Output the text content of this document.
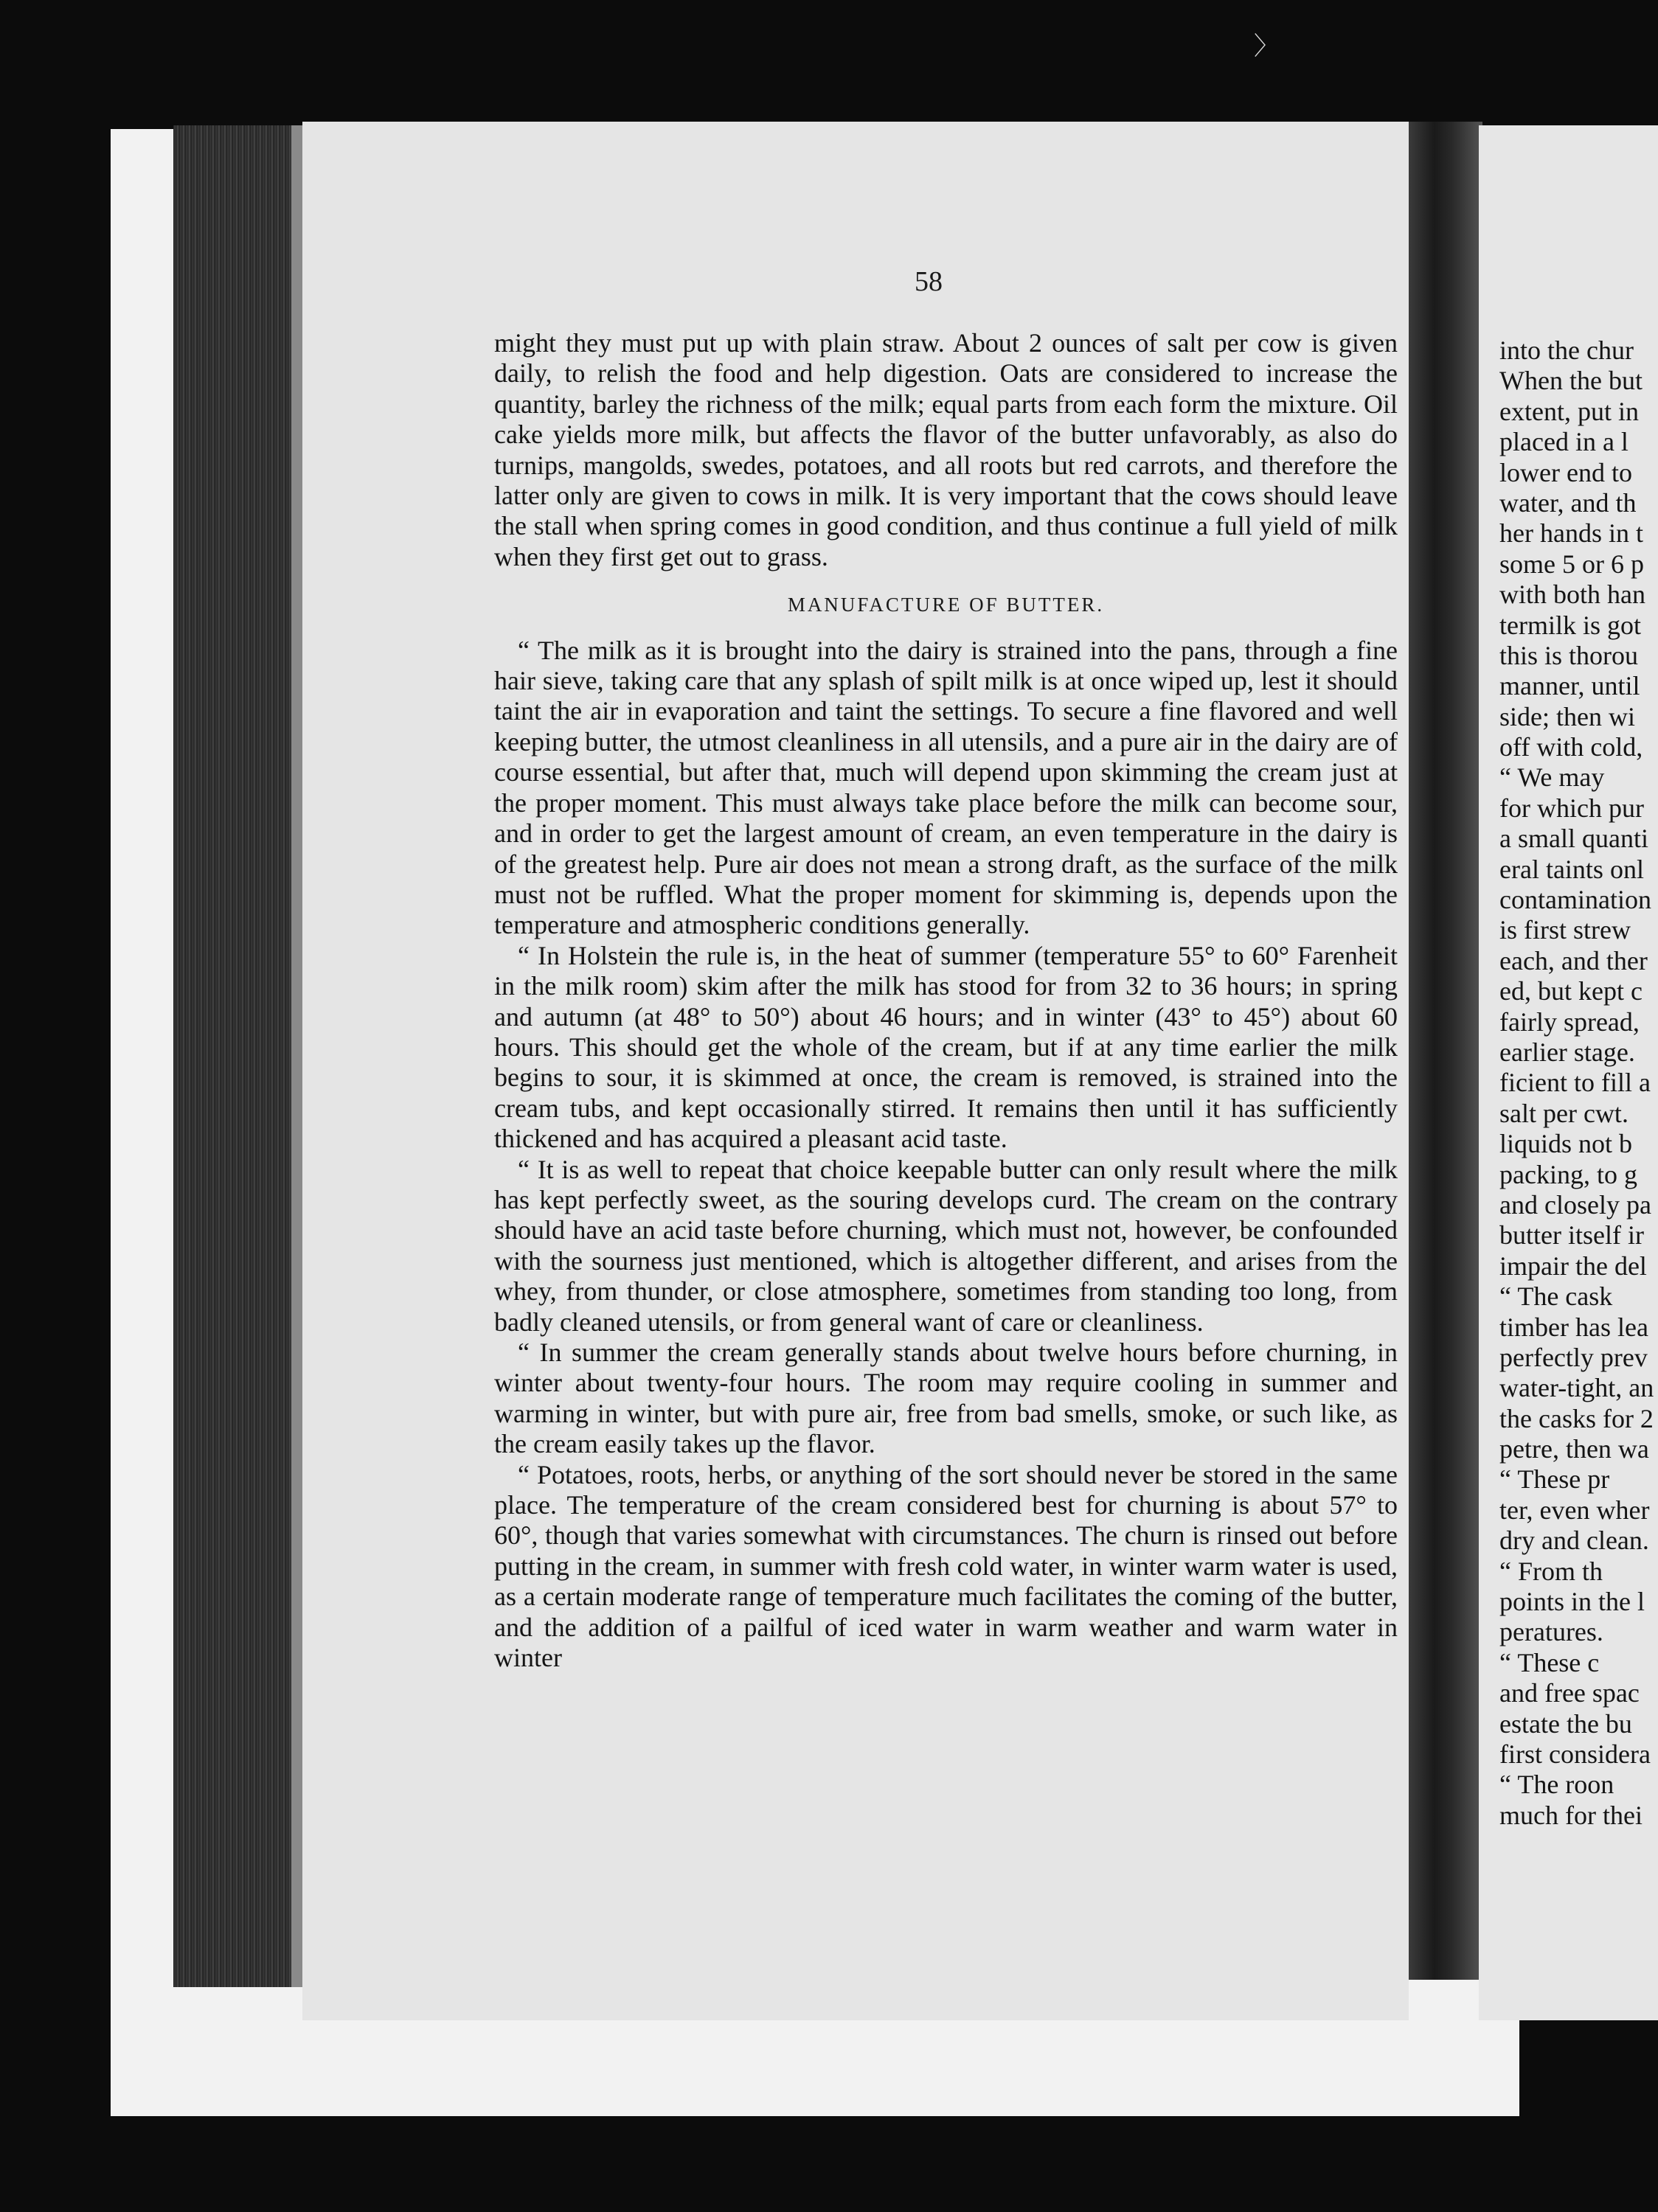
〉
58

might they must put up with plain straw. About 2 ounces of salt per cow is given daily, to relish the food and help digestion. Oats are considered to increase the quantity, barley the richness of the milk; equal parts from each form the mixture. Oil cake yields more milk, but affects the flavor of the butter unfavorably, as also do turnips, mangolds, swedes, potatoes, and all roots but red carrots, and therefore the latter only are given to cows in milk. It is very important that the cows should leave the stall when spring comes in good condition, and thus continue a full yield of milk when they first get out to grass.

MANUFACTURE OF BUTTER.

“ The milk as it is brought into the dairy is strained into the pans, through a fine hair sieve, taking care that any splash of spilt milk is at once wiped up, lest it should taint the air in evaporation and taint the settings. To secure a fine flavored and well keeping butter, the utmost cleanliness in all utensils, and a pure air in the dairy are of course essential, but after that, much will depend upon skimming the cream just at the proper moment. This must always take place before the milk can become sour, and in order to get the largest amount of cream, an even temperature in the dairy is of the greatest help. Pure air does not mean a strong draft, as the surface of the milk must not be ruffled. What the proper moment for skimming is, depends upon the temperature and atmospheric conditions generally.

“ In Holstein the rule is, in the heat of summer (temperature 55° to 60° Farenheit in the milk room) skim after the milk has stood for from 32 to 36 hours; in spring and autumn (at 48° to 50°) about 46 hours; and in winter (43° to 45°) about 60 hours. This should get the whole of the cream, but if at any time earlier the milk begins to sour, it is skimmed at once, the cream is removed, is strained into the cream tubs, and kept occasionally stirred. It remains then until it has sufficiently thickened and has acquired a pleasant acid taste.

“ It is as well to repeat that choice keepable butter can only result where the milk has kept perfectly sweet, as the souring develops curd. The cream on the contrary should have an acid taste before churning, which must not, however, be confounded with the sourness just mentioned, which is altogether different, and arises from the whey, from thunder, or close atmosphere, sometimes from standing too long, from badly cleaned utensils, or from general want of care or cleanliness.

“ In summer the cream generally stands about twelve hours before churning, in winter about twenty-four hours. The room may require cooling in summer and warming in winter, but with pure air, free from bad smells, smoke, or such like, as the cream easily takes up the flavor.

“ Potatoes, roots, herbs, or anything of the sort should never be stored in the same place. The temperature of the cream considered best for churning is about 57° to 60°, though that varies somewhat with circumstances. The churn is rinsed out before putting in the cream, in summer with fresh cold water, in winter warm water is used, as a certain moderate range of temperature much facilitates the coming of the butter, and the addition of a pailful of iced water in warm weather and warm water in winter

into the chur
When the but
extent, put in
placed in a l
lower end to
water, and th
her hands in t
some 5 or 6 p
with both han
termilk is got
this is thorou
manner, until
side; then wi
off with cold,
“ We may
for which pur
a small quanti
eral taints onl
contamination
is first strew
each, and ther
ed, but kept c
fairly spread,
earlier stage.
ficient to fill a
salt per cwt.
liquids not b
packing, to g
and closely pa
butter itself ir
impair the del
“ The cask
timber has lea
perfectly prev
water-tight, an
the casks for 2
petre, then wa
“ These pr
ter, even wher
dry and clean.
“ From th
points in the l
peratures.
“ These c
and free spac
estate the bu
first considera
“ The roon
much for thei
